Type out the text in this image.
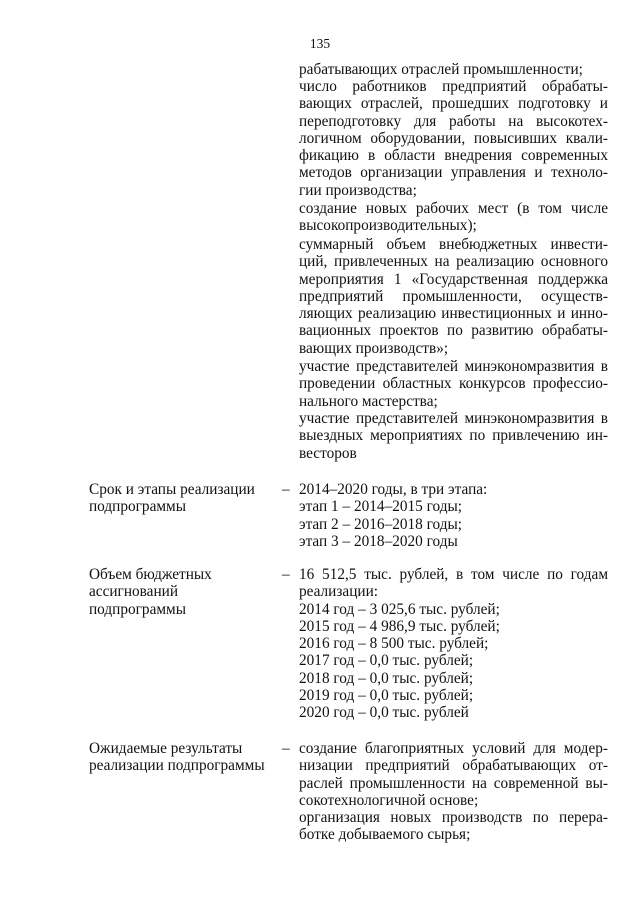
135
рабатывающих отраслей промышленности;
число работников предприятий обрабаты-
вающих отраслей, прошедших подготовку и
переподготовку для работы на высокотех-
логичном оборудовании, повысивших квали-
фикацию в области внедрения современных
методов организации управления и техноло-
гии производства;
создание новых рабочих мест (в том числе
высокопроизводительных);
суммарный объем внебюджетных инвести-
ций, привлеченных на реализацию основного
мероприятия 1 «Государственная поддержка
предприятий промышленности, осуществ-
ляющих реализацию инвестиционных и инно-
вационных проектов по развитию обрабаты-
вающих производств»;
участие представителей минэкономразвития в
проведении областных конкурсов профессио-
нального мастерства;
участие представителей минэкономразвития в
выездных мероприятиях по привлечению ин-
весторов
Срок и этапы реализации
подпрограммы
– 2014–2020 годы, в три этапа:
этап 1 – 2014–2015 годы;
этап 2 – 2016–2018 годы;
этап 3 – 2018–2020 годы
Объем бюджетных
ассигнований
подпрограммы
– 16 512,5 тыс. рублей, в том числе по годам
реализации:
2014 год – 3 025,6 тыс. рублей;
2015 год – 4 986,9 тыс. рублей;
2016 год – 8 500 тыс. рублей;
2017 год – 0,0 тыс. рублей;
2018 год – 0,0 тыс. рублей;
2019 год – 0,0 тыс. рублей;
2020 год – 0,0 тыс. рублей
Ожидаемые результаты
реализации подпрограммы
– создание благоприятных условий для модер-
низации предприятий обрабатывающих от-
раслей промышленности на современной вы-
сокотехнологичной основе;
организация новых производств по перера-
ботке добываемого сырья;
